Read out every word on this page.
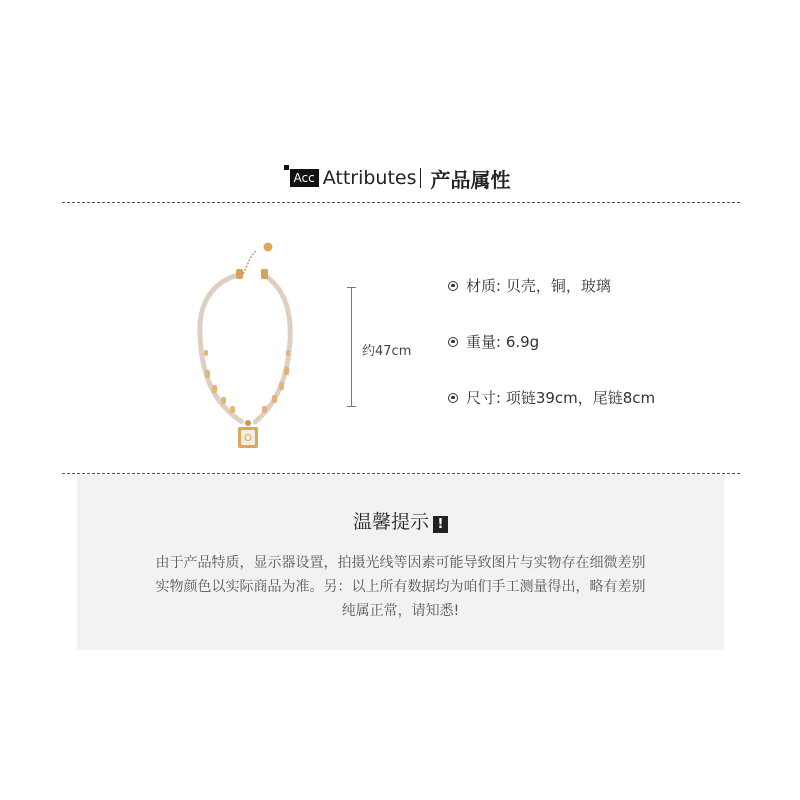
Acc Attributes 产品属性
约47cm
材质: 贝壳，铜，玻璃
重量: 6.9g
尺寸: 项链39cm，尾链8cm
温馨提示 !
由于产品特质，显示器设置，拍摄光线等因素可能导致图片与实物存在细微差别
实物颜色以实际商品为准。另：以上所有数据均为咱们手工测量得出，略有差别
纯属正常，请知悉!
